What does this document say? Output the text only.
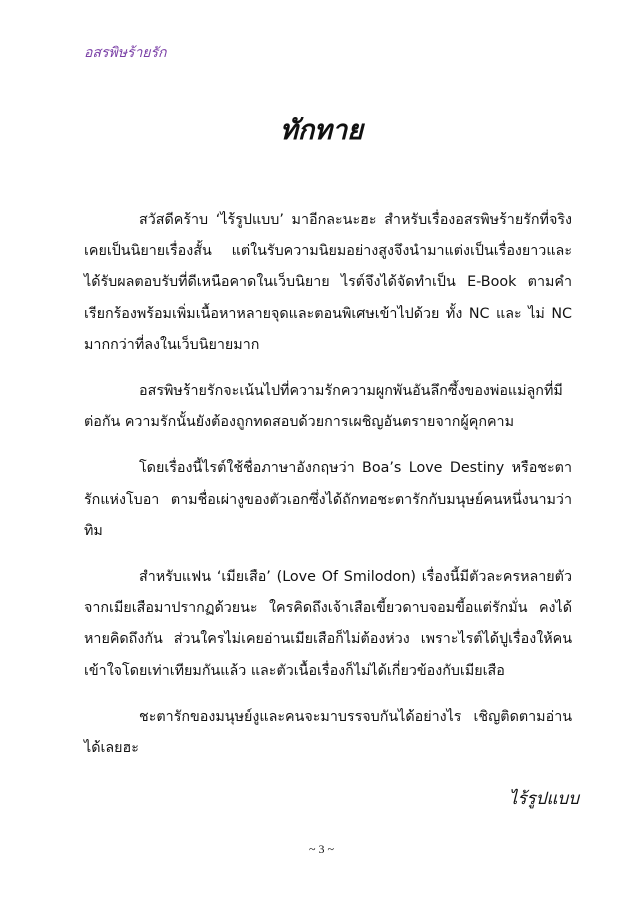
อสรพิษร้ายรัก
ทักทาย

สวัสดีคร้าบ ‘ไร้รูปแบบ’ มาอีกละนะฮะ สำหรับเรื่องอสรพิษร้ายรักที่จริงเคยเป็นนิยายเรื่องสั้น แต่ในรับความนิยมอย่างสูงจึงนำมาแต่งเป็นเรื่องยาวและได้รับผลตอบรับที่ดีเหนือคาดในเว็บนิยาย ไรต์จึงได้จัดทำเป็น E-Book ตามคำเรียกร้องพร้อมเพิ่มเนื้อหาหลายจุดและตอนพิเศษเข้าไปด้วย ทั้ง NC และ ไม่ NC มากกว่าที่ลงในเว็บนิยายมาก

อสรพิษร้ายรักจะเน้นไปที่ความรักความผูกพันอันลึกซึ้งของพ่อแม่ลูกที่มีต่อกัน ความรักนั้นยังต้องถูกทดสอบด้วยการเผชิญอันตรายจากผู้คุกคาม

โดยเรื่องนี้ไรต์ใช้ชื่อภาษาอังกฤษว่า Boa’s Love Destiny หรือชะตารักแห่งโบอา ตามชื่อเผ่างูของตัวเอกซึ่งได้ถักทอชะตารักกับมนุษย์คนหนึ่งนามว่าทิม

สำหรับแฟน ‘เมียเสือ’ (Love Of Smilodon) เรื่องนี้มีตัวละครหลายตัวจากเมียเสือมาปรากฏด้วยนะ ใครคิดถึงเจ้าเสือเขี้ยวดาบจอมขี้อแต่รักมั่น คงได้หายคิดถึงกัน ส่วนใครไม่เคยอ่านเมียเสือก็ไม่ต้องห่วง เพราะไรต์ได้ปูเรื่องให้คนเข้าใจโดยเท่าเทียมกันแล้ว และตัวเนื้อเรื่องก็ไม่ได้เกี่ยวข้องกับเมียเสือ

ชะตารักของมนุษย์งูและคนจะมาบรรจบกันได้อย่างไร เชิญติดตามอ่านได้เลยฮะ

ไร้รูปแบบ
~ 3 ~
